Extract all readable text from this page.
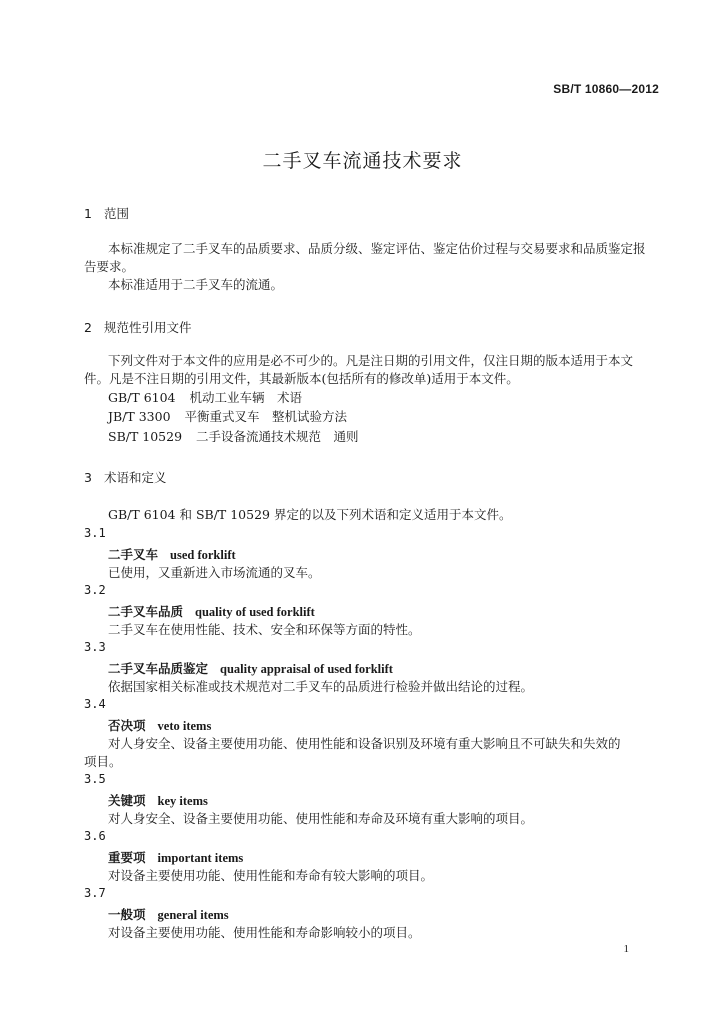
SB/T 10860—2012
二手叉车流通技术要求
1 范围
本标准规定了二手叉车的品质要求、品质分级、鉴定评估、鉴定估价过程与交易要求和品质鉴定报
告要求。
本标准适用于二手叉车的流通。
2 规范性引用文件
下列文件对于本文件的应用是必不可少的。凡是注日期的引用文件，仅注日期的版本适用于本文
件。凡是不注日期的引用文件，其最新版本(包括所有的修改单)适用于本文件。
GB/T 6104 机动工业车辆　术语
JB/T 3300 平衡重式叉车　整机试验方法
SB/T 10529 二手设备流通技术规范　通则
3 术语和定义
GB/T 6104 和 SB/T 10529 界定的以及下列术语和定义适用于本文件。
3.1
二手叉车 used forklift
已使用，又重新进入市场流通的叉车。
3.2
二手叉车品质 quality of used forklift
二手叉车在使用性能、技术、安全和环保等方面的特性。
3.3
二手叉车品质鉴定 quality appraisal of used forklift
依据国家相关标准或技术规范对二手叉车的品质进行检验并做出结论的过程。
3.4
否决项 veto items
对人身安全、设备主要使用功能、使用性能和设备识别及环境有重大影响且不可缺失和失效的
项目。
3.5
关键项 key items
对人身安全、设备主要使用功能、使用性能和寿命及环境有重大影响的项目。
3.6
重要项 important items
对设备主要使用功能、使用性能和寿命有较大影响的项目。
3.7
一般项 general items
对设备主要使用功能、使用性能和寿命影响较小的项目。
1
